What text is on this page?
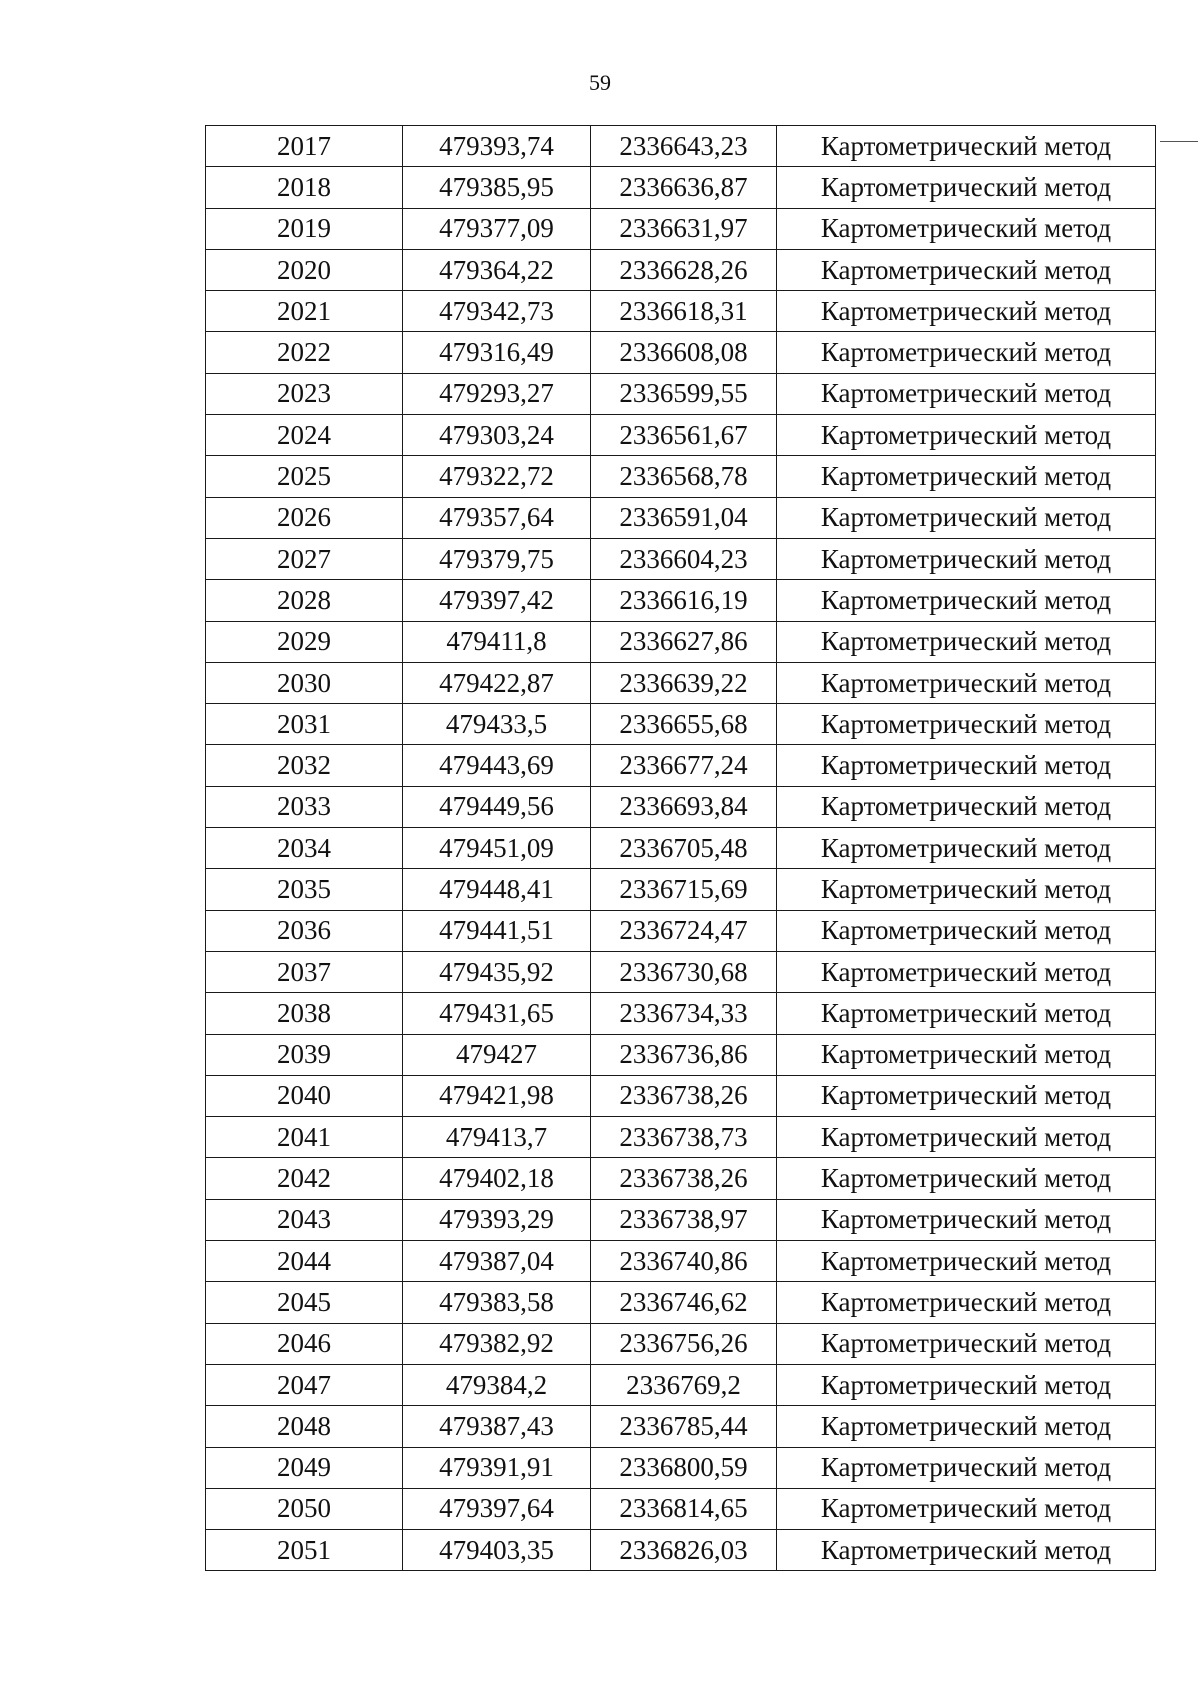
59
2017	479393,74	2336643,23	Картометрический метод
2018	479385,95	2336636,87	Картометрический метод
2019	479377,09	2336631,97	Картометрический метод
2020	479364,22	2336628,26	Картометрический метод
2021	479342,73	2336618,31	Картометрический метод
2022	479316,49	2336608,08	Картометрический метод
2023	479293,27	2336599,55	Картометрический метод
2024	479303,24	2336561,67	Картометрический метод
2025	479322,72	2336568,78	Картометрический метод
2026	479357,64	2336591,04	Картометрический метод
2027	479379,75	2336604,23	Картометрический метод
2028	479397,42	2336616,19	Картометрический метод
2029	479411,8	2336627,86	Картометрический метод
2030	479422,87	2336639,22	Картометрический метод
2031	479433,5	2336655,68	Картометрический метод
2032	479443,69	2336677,24	Картометрический метод
2033	479449,56	2336693,84	Картометрический метод
2034	479451,09	2336705,48	Картометрический метод
2035	479448,41	2336715,69	Картометрический метод
2036	479441,51	2336724,47	Картометрический метод
2037	479435,92	2336730,68	Картометрический метод
2038	479431,65	2336734,33	Картометрический метод
2039	479427	2336736,86	Картометрический метод
2040	479421,98	2336738,26	Картометрический метод
2041	479413,7	2336738,73	Картометрический метод
2042	479402,18	2336738,26	Картометрический метод
2043	479393,29	2336738,97	Картометрический метод
2044	479387,04	2336740,86	Картометрический метод
2045	479383,58	2336746,62	Картометрический метод
2046	479382,92	2336756,26	Картометрический метод
2047	479384,2	2336769,2	Картометрический метод
2048	479387,43	2336785,44	Картометрический метод
2049	479391,91	2336800,59	Картометрический метод
2050	479397,64	2336814,65	Картометрический метод
2051	479403,35	2336826,03	Картометрический метод
